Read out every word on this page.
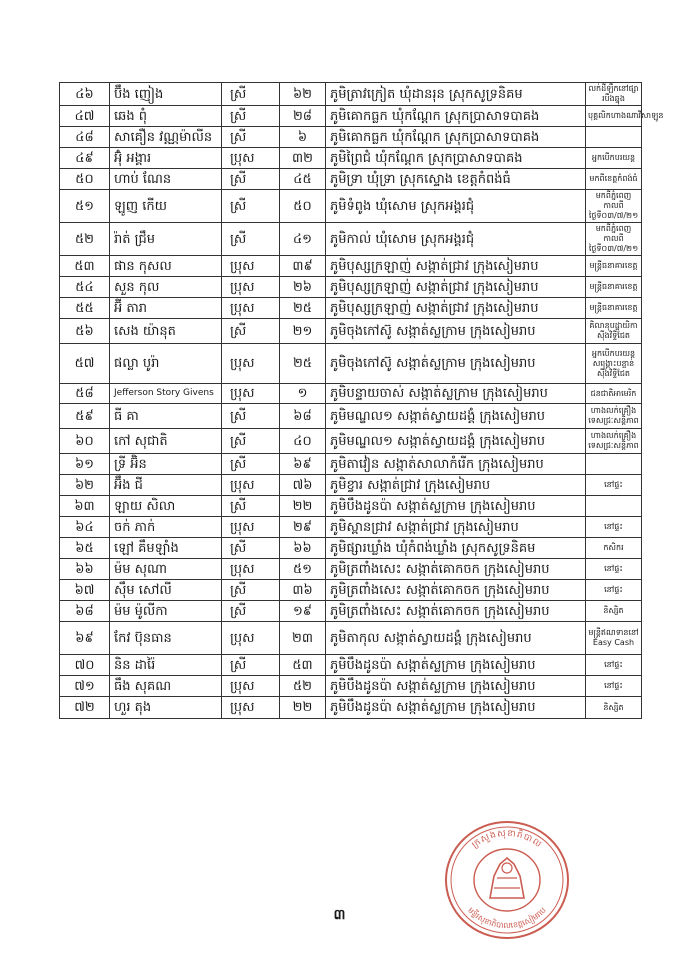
៤៦	ប៊ឹង ញៀង	ស្រី	៦២	ភូមិត្រាវក្រៀត ឃុំដានរុន ស្រុកសូទ្រនិគម	លក់ដីឡឹកនៅផ្សារបឹងឆ្នុង
៤៧	ឆេង ពុំ	ស្រី	២៨	ភូមិគោកធ្លក ឃុំកណ្ដែក ស្រុកប្រាសាទបាគង	បុគ្គលិកហាងណាវីសាឡូន
៤៨	សាគឿន វណ្ណម៉ាលីន	ស្រី	៦	ភូមិគោកធ្លក ឃុំកណ្ដែក ស្រុកប្រាសាទបាគង	
៤៩	អ៊ុំ អង្គារ	ប្រុស	៣២	ភូមិព្រៃជំ ឃុំកណ្ដែក ស្រុកប្រាសាទបាគង	អ្នកបើកបរយន្ដ
៥០	ហាប់ ណែន	ស្រី	៤៥	ភូមិទ្រា ឃុំទ្រា ស្រុកស្ទោង ខេត្តកំពង់ធំ	មកពីខេត្តកំពង់ធំ
៥១	ឡូញ កើយ	ស្រី	៥០	ភូមិទំពូង ឃុំសោម ស្រុកអង្គរជុំ	មកពីភ្នំពេញ កាលពីថ្ងៃទី០៣/៧/២១
៥២	រ៉ាត់ ជ្រឹម	ស្រី	៤១	ភូមិកាល់ ឃុំសោម ស្រុកអង្គរជុំ	មកពីភ្នំពេញ កាលពីថ្ងៃទី០៣/៧/២១
៥៣	ផាន កុសល	ប្រុស	៣៩	ភូមិបុស្សក្រឡាញ់ សង្កាត់ជ្រាវ ក្រុងសៀមរាប	មន្ត្រីធនាគារខេត្ត
៥៤	សួន កុល	ប្រុស	២៦	ភូមិបុស្សក្រឡាញ់ សង្កាត់ជ្រាវ ក្រុងសៀមរាប	មន្ត្រីធនាគារខេត្ត
៥៥	អ៊ី តារា	ប្រុស	២៥	ភូមិបុស្សក្រឡាញ់ សង្កាត់ជ្រាវ ក្រុងសៀមរាប	មន្ត្រីធនាគារខេត្ត
៥៦	សេង យ៉ានុត	ស្រី	២១	ភូមិចុងកៅស៊ូ សង្កាត់ស្លក្រាម ក្រុងសៀមរាប	គិលានុបដ្ឋាយិកាស៊ីងវិទ្ទីជែត
៥៧	ផល្លា បូរ៉ា	ប្រុស	២៥	ភូមិចុងកៅស៊ូ សង្កាត់ស្លក្រាម ក្រុងសៀមរាប	អ្នកបើកបរយន្តសង្គ្រោះបន្ទាន់ស៊ីងវិទ្ទីជែត
៥៨	Jefferson Story Givens	ប្រុស	១	ភូមិបន្ទាយចាស់ សង្កាត់ស្លក្រាម ក្រុងសៀមរាប	ជនជាតិអាមេរិក
៥៩	ធី គា	ស្រី	៦៨	ភូមិមណ្ឌល១ សង្កាត់ស្វាយដង្គំ ក្រុងសៀមរាប	ហាងលក់គ្រឿងទេសជ្រៈសន្តិភាព
៦០	កៅ សុជាតិ	ស្រី	៤០	ភូមិមណ្ឌល១ សង្កាត់ស្វាយដង្គំ ក្រុងសៀមរាប	ហាងលក់គ្រឿងទេសជ្រៈសន្តិភាព
៦១	ទ្រី អ៊ិន	ស្រី	៦៩	ភូមិតាវៀន សង្កាត់សាលាកំរើក ក្រុងសៀមរាប	
៦២	អ៊ឹង ជី	ប្រុស	៧៦	ភូមិខ្វារ សង្កាត់ជ្រាវ ក្រុងសៀមរាប	នៅផ្ទះ
៦៣	ឡាយ សិលា	ស្រី	២២	ភូមិបឹងដូនប៉ា សង្កាត់ស្លក្រាម ក្រុងសៀមរាប	
៦៤	ចក់ ភាក់	ប្រុស	២៩	ភូមិស្ពានជ្រាវ សង្កាត់ជ្រាវ ក្រុងសៀមរាប	នៅផ្ទះ
៦៥	ឡៅ គឹមឡាំង	ស្រី	៦៦	ភូមិផ្សារឃ្លាំង ឃុំកំពង់ឃ្លាំង ស្រុកសូទ្រនិគម	កសិករ
៦៦	ម៉ម សុណា	ប្រុស	៥១	ភូមិត្រពាំងសេះ សង្កាត់គោកចក ក្រុងសៀមរាប	នៅផ្ទះ
៦៧	ស៊ឹម សៅលី	ស្រី	៣៦	ភូមិត្រពាំងសេះ សង្កាត់គោកចក ក្រុងសៀមរាប	នៅផ្ទះ
៦៨	ម៉ម ម៉ូលីកា	ស្រី	១៩	ភូមិត្រពាំងសេះ សង្កាត់គោកចក ក្រុងសៀមរាប	និស្សិត
៦៩	កែវ ប៊ុនធាន	ប្រុស	២៣	ភូមិតាកុល សង្កាត់ស្វាយដង្គំ ក្រុងសៀមរាប	មន្ត្រីឥណទាននៅ Easy Cash
៧០	និន ដារ៉ៃ	ស្រី	៥៣	ភូមិបឹងដូនប៉ា សង្កាត់ស្លក្រាម ក្រុងសៀមរាប	នៅផ្ទះ
៧១	ធឹង សុគណ	ប្រុស	៥២	ភូមិបឹងដូនប៉ា សង្កាត់ស្លក្រាម ក្រុងសៀមរាប	នៅផ្ទះ
៧២	ហួរ តុង	ប្រុស	២២	ភូមិបឹងដូនប៉ា សង្កាត់ស្លក្រាម ក្រុងសៀមរាប	និស្សិត
៣
ក្រសួងសុខាភិបាល
មន្ទីរសុខាភិបាលខេត្តសៀមរាប
